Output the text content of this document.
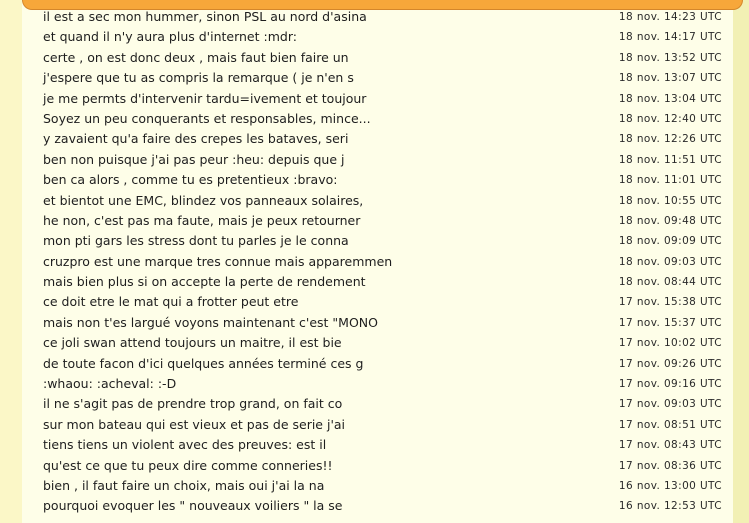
il est a sec mon hummer, sinon PSL au nord d'asina	18 nov. 14:23 UTC
et quand il n'y aura plus d'internet :mdr:	18 nov. 14:17 UTC
certe , on est donc deux , mais faut bien faire un	18 nov. 13:52 UTC
j'espere que tu as compris la remarque ( je n'en s	18 nov. 13:07 UTC
je me permts d'intervenir tardu=ivement et toujour	18 nov. 13:04 UTC
Soyez un peu conquerants et responsables, mince...	18 nov. 12:40 UTC
y zavaient qu'a faire des crepes les bataves, seri	18 nov. 12:26 UTC
ben non puisque j'ai pas peur :heu: depuis que j	18 nov. 11:51 UTC
ben ca alors , comme tu es pretentieux :bravo:	18 nov. 11:01 UTC
et bientot une EMC, blindez vos panneaux solaires,	18 nov. 10:55 UTC
he non, c'est pas ma faute, mais je peux retourner	18 nov. 09:48 UTC
mon pti gars les stress dont tu parles je le conna	18 nov. 09:09 UTC
cruzpro est une marque tres connue mais apparemmen	18 nov. 09:03 UTC
mais bien plus si on accepte la perte de rendement	18 nov. 08:44 UTC
ce doit etre le mat qui a frotter peut etre	17 nov. 15:38 UTC
mais non t'es largué voyons maintenant c'est "MONO	17 nov. 15:37 UTC
ce joli swan attend toujours un maitre, il est bie	17 nov. 10:02 UTC
de toute facon d'ici quelques années terminé ces g	17 nov. 09:26 UTC
:whaou: :acheval: :-D	17 nov. 09:16 UTC
il ne s'agit pas de prendre trop grand, on fait co	17 nov. 09:03 UTC
sur mon bateau qui est vieux et pas de serie j'ai	17 nov. 08:51 UTC
tiens tiens un violent avec des preuves: est il	17 nov. 08:43 UTC
qu'est ce que tu peux dire comme conneries!!	17 nov. 08:36 UTC
bien , il faut faire un choix, mais oui j'ai la na	16 nov. 13:00 UTC
pourquoi evoquer les " nouveaux voiliers " la se	16 nov. 12:53 UTC
